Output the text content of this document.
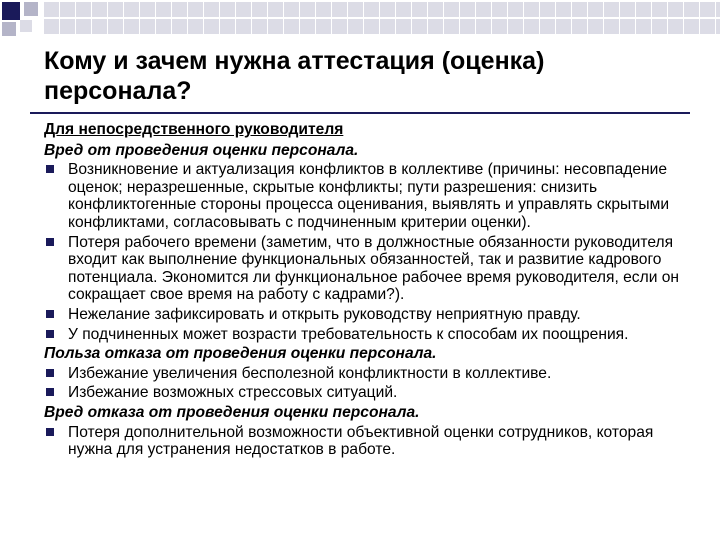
Кому и зачем нужна аттестация (оценка) персонала?
Для непосредственного руководителя
Вред от проведения оценки персонала.
Возникновение и актуализация конфликтов в коллективе (причины: несовпадение оценок; неразрешенные, скрытые конфликты; пути разрешения: снизить конфликтогенные стороны процесса оценивания, выявлять и управлять скрытыми конфликтами, согласовывать с подчиненным критерии оценки).
Потеря рабочего времени (заметим, что в должностные обязанности руководителя входит как выполнение функциональных обязанностей, так и развитие кадрового потенциала. Экономится ли функциональное рабочее время руководителя, если он сокращает свое время на работу с кадрами?).
Нежелание зафиксировать и открыть руководству неприятную правду.
У подчиненных может возрасти требовательность к способам их поощрения.
Польза отказа от проведения оценки персонала.
Избежание увеличения бесполезной конфликтности в коллективе.
Избежание возможных стрессовых ситуаций.
Вред отказа от проведения оценки персонала.
Потеря дополнительной возможности объективной оценки сотрудников, которая нужна для устранения недостатков в работе.
